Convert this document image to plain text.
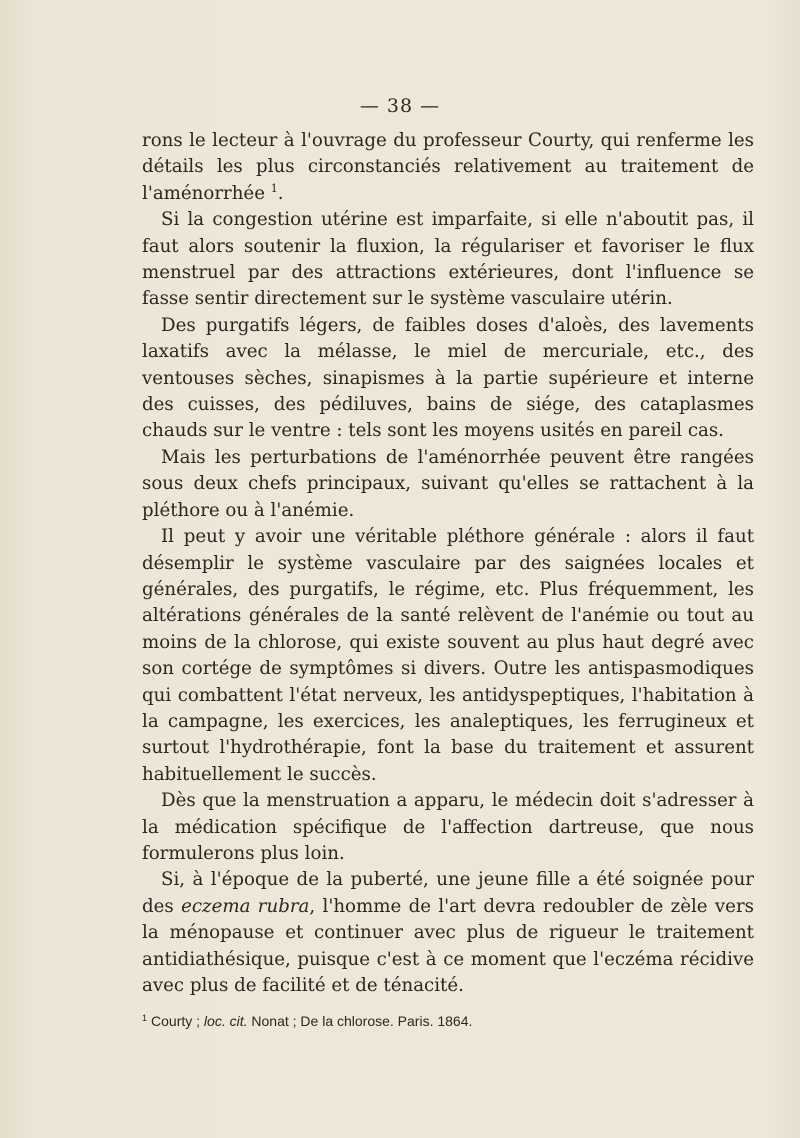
— 38 —

rons le lecteur à l'ouvrage du professeur Courty, qui renferme les détails les plus circonstanciés relativement au traitement de l'aménorrhée $^1$.

Si la congestion utérine est imparfaite, si elle n'aboutit pas, il faut alors soutenir la fluxion, la régulariser et favoriser le flux menstruel par des attractions extérieures, dont l'influence se fasse sentir directement sur le système vasculaire utérin.

Des purgatifs légers, de faibles doses d'aloès, des lavements laxatifs avec la mélasse, le miel de mercuriale, etc., des ventouses sèches, sinapismes à la partie supérieure et interne des cuisses, des pédiluves, bains de siége, des cataplasmes chauds sur le ventre : tels sont les moyens usités en pareil cas.

Mais les perturbations de l'aménorrhée peuvent être rangées sous deux chefs principaux, suivant qu'elles se rattachent à la pléthore ou à l'anémie.

Il peut y avoir une véritable pléthore générale : alors il faut désemplir le système vasculaire par des saignées locales et générales, des purgatifs, le régime, etc. Plus fréquemment, les altérations générales de la santé relèvent de l'anémie ou tout au moins de la chlorose, qui existe souvent au plus haut degré avec son cortége de symptômes si divers. Outre les antispasmodiques qui combattent l'état nerveux, les antidyspeptiques, l'habitation à la campagne, les exercices, les analeptiques, les ferrugineux et surtout l'hydrothérapie, font la base du traitement et assurent habituellement le succès.

Dès que la menstruation a apparu, le médecin doit s'adresser à la médication spécifique de l'affection dartreuse, que nous formulerons plus loin.

Si, à l'époque de la puberté, une jeune fille a été soignée pour des eczema rubra, l'homme de l'art devra redoubler de zèle vers la ménopause et continuer avec plus de rigueur le traitement antidiathésique, puisque c'est à ce moment que l'eczéma récidive avec plus de facilité et de ténacité.

$^1$ Courty ; loc. cit. Nonat ; De la chlorose. Paris. 1864.
